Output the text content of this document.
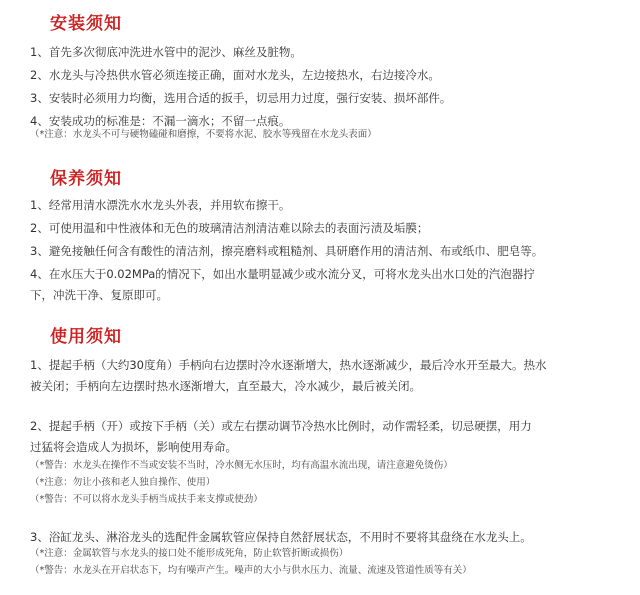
安装须知

1、首先多次彻底冲洗进水管中的泥沙、麻丝及脏物。

2、水龙头与冷热供水管必须连接正确，面对水龙头，左边接热水，右边接冷水。

3、安装时必须用力均衡，选用合适的扳手，切忌用力过度，强行安装、损坏部件。

4、安装成功的标准是：不漏一滴水；不留一点痕。

（*注意：水龙头不可与硬物磕碰和磨擦，不要将水泥、胶水等残留在水龙头表面）

保养须知

1、经常用清水漂洗水水龙头外表，并用软布擦干。

2、可使用温和中性液体和无色的玻璃清洁剂清洁难以除去的表面污渍及垢膜；

3、避免接触任何含有酸性的清洁剂，擦亮磨料或粗糙剂、具研磨作用的清洁剂、布或纸巾、肥皂等。

4、在水压大于0.02MPa的情况下，如出水量明显减少或水流分叉，可将水龙头出水口处的汽泡器拧

下，冲洗干净、复原即可。

使用须知

1、提起手柄（大约30度角）手柄向右边摆时冷水逐渐增大，热水逐渐减少，最后冷水开至最大。热水

被关闭；手柄向左边摆时热水逐渐增大，直至最大，冷水减少，最后被关闭。

2、提起手柄（开）或按下手柄（关）或左右摆动调节冷热水比例时，动作需轻柔，切忌硬摆，用力

过猛将会造成人为损坏，影响使用寿命。

（*警告：水龙头在操作不当或安装不当时，冷水侧无水压时，均有高温水流出现，请注意避免烫伤）

（*注意：勿让小孩和老人独自操作、使用）

（*警告：不可以将水龙头手柄当成扶手来支撑或使劲）

3、浴缸龙头、淋浴龙头的选配件金属软管应保持自然舒展状态，不用时不要将其盘绕在水龙头上。

（*注意：金属软管与水龙头的接口处不能形成死角，防止软管折断或损伤）

（*警告：水龙头在开启状态下，均有噪声产生。噪声的大小与供水压力、流量、流速及管道性质等有关）
